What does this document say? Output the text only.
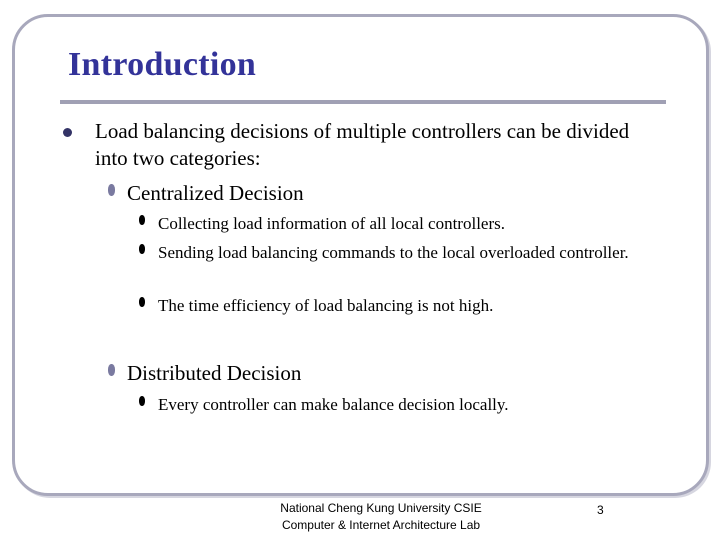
Introduction
Load balancing decisions of multiple controllers can be divided into two categories:
Centralized Decision
Collecting load information of all local controllers.
Sending load balancing commands to the local overloaded controller.
The time efficiency of load balancing is not high.
Distributed Decision
Every controller can make balance decision locally.
National Cheng Kung University CSIE
Computer & Internet Architecture Lab
3
